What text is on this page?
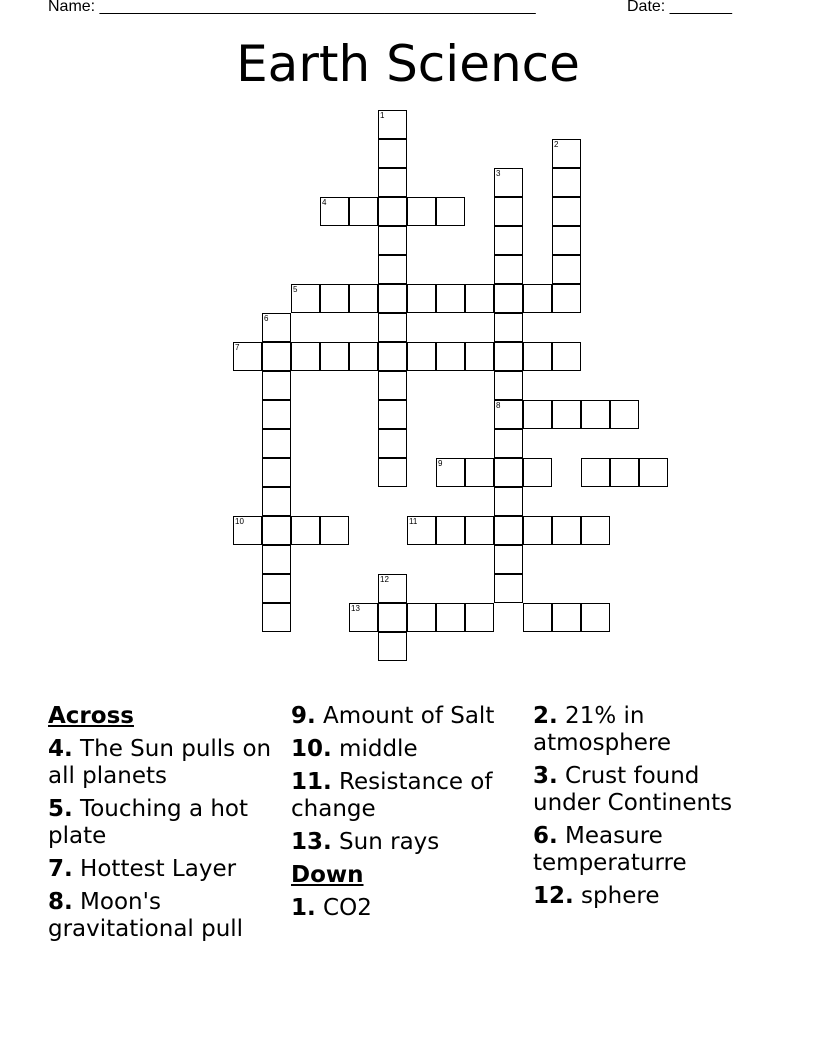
Name: _________________________________________________	Date: _______
Earth Science
1
2
3
4
5
6
7
8
9
10	11
12
13
Across
4. The Sun pulls on all planets
5. Touching a hot plate
7. Hottest Layer
8. Moon's gravitational pull
9. Amount of Salt
10. middle
11. Resistance of change
13. Sun rays
Down
1. CO2
2. 21% in atmosphere
3. Crust found under Continents
6. Measure temperaturre
12. sphere
